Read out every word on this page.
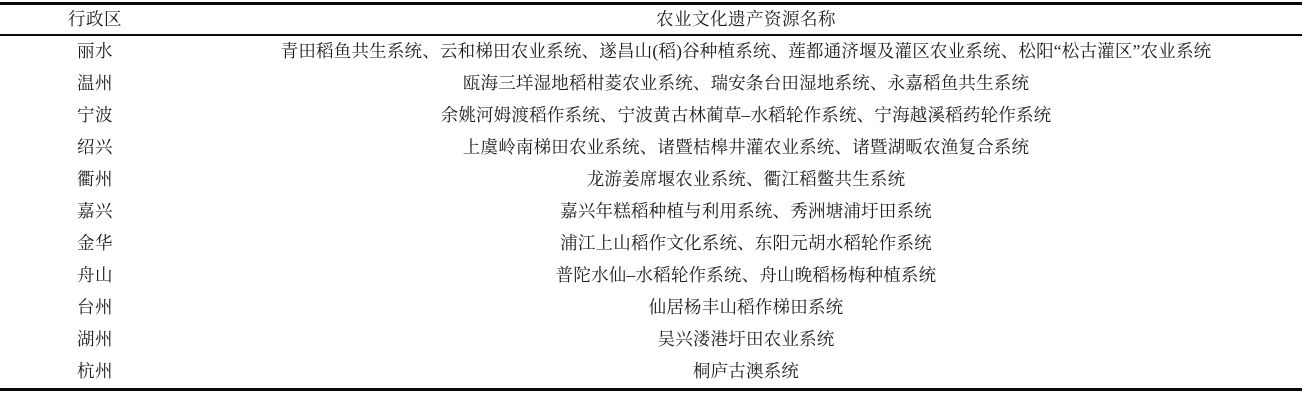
行政区	农业文化遗产资源名称
丽水	青田稻鱼共生系统、云和梯田农业系统、遂昌山(稻)谷种植系统、莲都通济堰及灌区农业系统、松阳“松古灌区”农业系统
温州	瓯海三垟湿地稻柑菱农业系统、瑞安条台田湿地系统、永嘉稻鱼共生系统
宁波	余姚河姆渡稻作系统、宁波黄古林蔺草–水稻轮作系统、宁海越溪稻药轮作系统
绍兴	上虞岭南梯田农业系统、诸暨桔槔井灌农业系统、诸暨湖畈农渔复合系统
衢州	龙游姜席堰农业系统、衢江稻鳖共生系统
嘉兴	嘉兴年糕稻种植与利用系统、秀洲塘浦圩田系统
金华	浦江上山稻作文化系统、东阳元胡水稻轮作系统
舟山	普陀水仙–水稻轮作系统、舟山晚稻杨梅种植系统
台州	仙居杨丰山稻作梯田系统
湖州	吴兴溇港圩田农业系统
杭州	桐庐古澳系统
